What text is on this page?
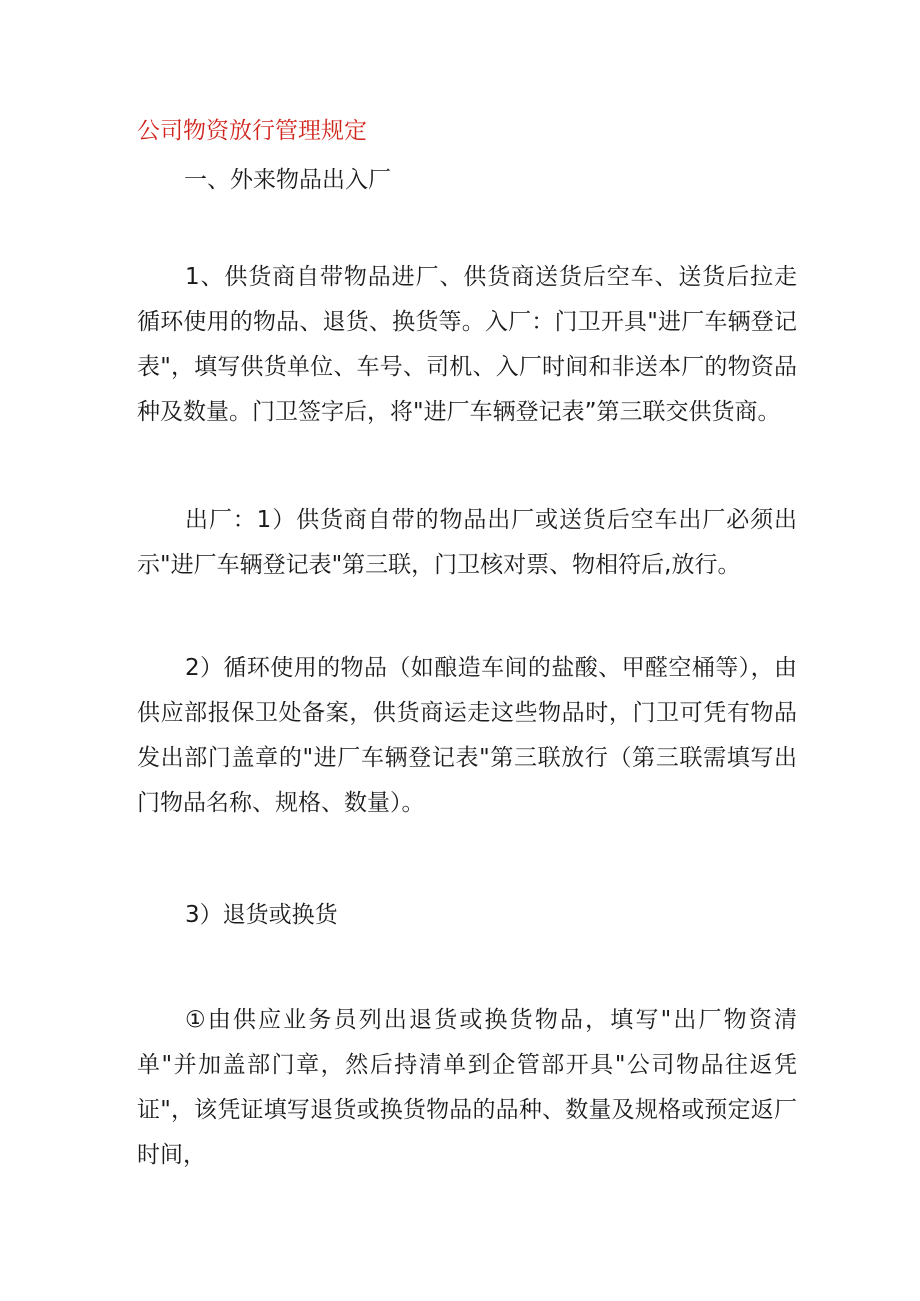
公司物资放行管理规定
一、外来物品出入厂

1、供货商自带物品进厂、供货商送货后空车、送货后拉走循环使用的物品、退货、换货等。入厂：门卫开具"进厂车辆登记表"，填写供货单位、车号、司机、入厂时间和非送本厂的物资品种及数量。门卫签字后，将"进厂车辆登记表”第三联交供货商。

出厂：1）供货商自带的物品出厂或送货后空车出厂必须出示"进厂车辆登记表"第三联，门卫核对票、物相符后,放行。

2）循环使用的物品（如酿造车间的盐酸、甲醛空桶等），由供应部报保卫处备案，供货商运走这些物品时，门卫可凭有物品发出部门盖章的"进厂车辆登记表"第三联放行（第三联需填写出门物品名称、规格、数量）。

3）退货或换货

①由供应业务员列出退货或换货物品，填写"出厂物资清单"并加盖部门章，然后持清单到企管部开具"公司物品往返凭证"，该凭证填写退货或换货物品的品种、数量及规格或预定返厂时间，
